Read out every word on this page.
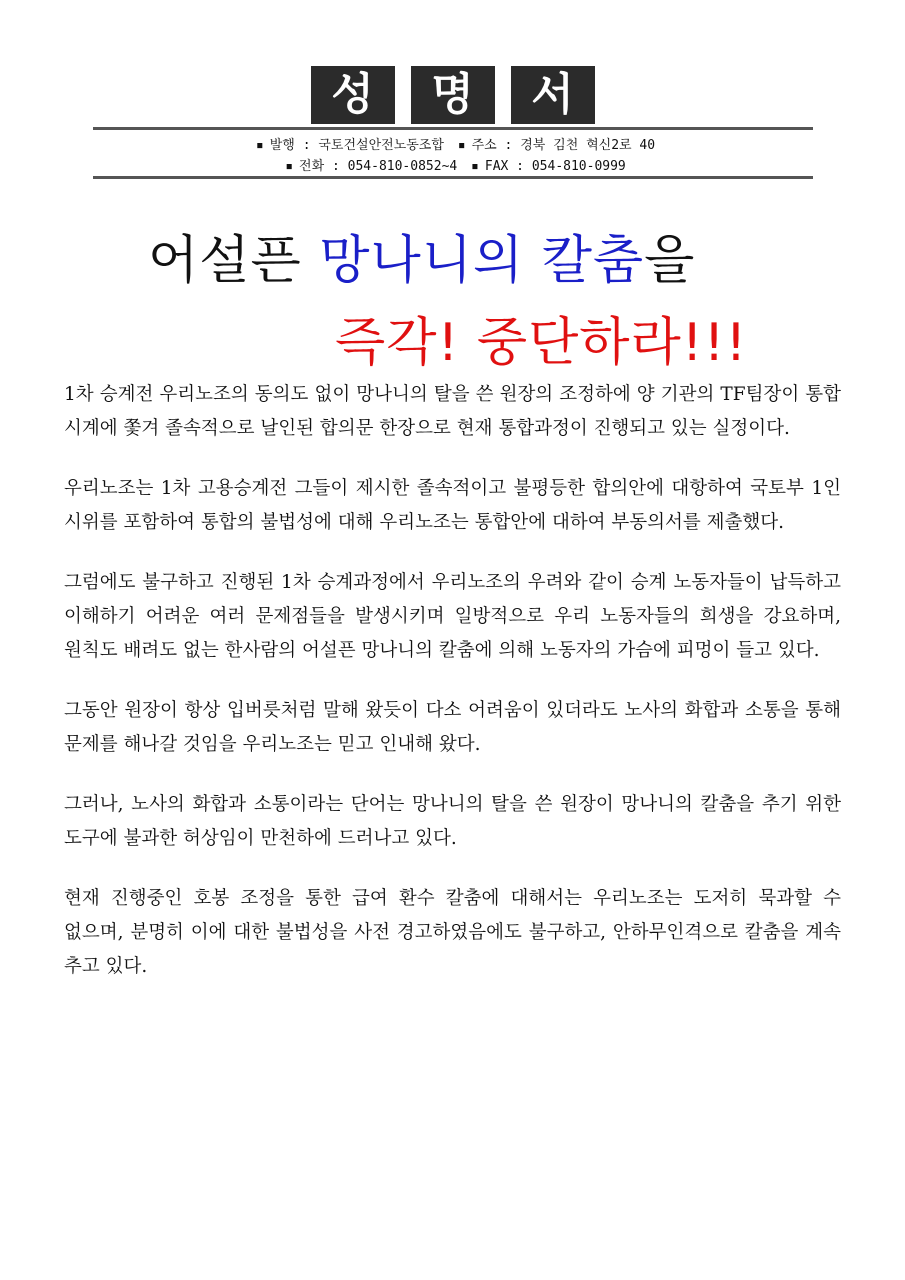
성	명	서
▪ 발행 : 국토건설안전노동조합 ▪ 주소 : 경북 김천 혁신2로 40
▪ 전화 : 054-810-0852~4 ▪ FAX : 054-810-0999
어설픈 망나니의 칼춤을
즉각! 중단하라!!!

1차 승계전 우리노조의 동의도 없이 망나니의 탈을 쓴 원장의 조정하에 양 기관의 TF팀장이 통합 시계에 쫓겨 졸속적으로 날인된 합의문 한장으로 현재 통합과정이 진행되고 있는 실정이다.

우리노조는 1차 고용승계전 그들이 제시한 졸속적이고 불평등한 합의안에 대항하여 국토부 1인 시위를 포함하여 통합의 불법성에 대해 우리노조는 통합안에 대하여 부동의서를 제출했다.

그럼에도 불구하고 진행된 1차 승계과정에서 우리노조의 우려와 같이 승계 노동자들이 납득하고 이해하기 어려운 여러 문제점들을 발생시키며 일방적으로 우리 노동자들의 희생을 강요하며, 원칙도 배려도 없는 한사람의 어설픈 망나니의 칼춤에 의해 노동자의 가슴에 피멍이 들고 있다.

그동안 원장이 항상 입버릇처럼 말해 왔듯이 다소 어려움이 있더라도 노사의 화합과 소통을 통해 문제를 해나갈 것임을 우리노조는 믿고 인내해 왔다.

그러나, 노사의 화합과 소통이라는 단어는 망나니의 탈을 쓴 원장이 망나니의 칼춤을 추기 위한 도구에 불과한 허상임이 만천하에 드러나고 있다.

현재 진행중인 호봉 조정을 통한 급여 환수 칼춤에 대해서는 우리노조는 도저히 묵과할 수 없으며, 분명히 이에 대한 불법성을 사전 경고하였음에도 불구하고, 안하무인격으로 칼춤을 계속 추고 있다.
